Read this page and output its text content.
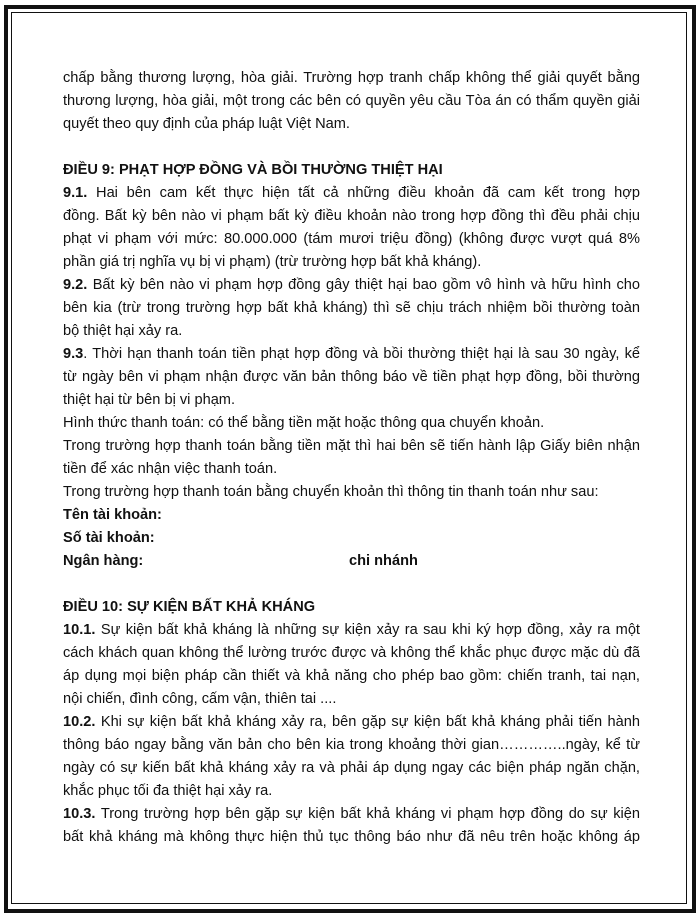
chấp bằng thương lượng, hòa giải. Trường hợp tranh chấp không thể giải quyết bằng
thương lượng, hòa giải, một trong các bên có quyền yêu cầu Tòa án có thẩm quyền giải
quyết theo quy định của pháp luật Việt Nam.
ĐIỀU 9: PHẠT HỢP ĐỒNG VÀ BỒI THƯỜNG THIỆT HẠI
9.1. Hai bên cam kết thực hiện tất cả những điều khoản đã cam kết trong hợp
đồng. Bất kỳ bên nào vi phạm bất kỳ điều khoản nào trong hợp đồng thì đều phải chịu
phạt vi phạm với mức: 80.000.000 (tám mươi triệu đồng) (không được vượt quá 8%
phần giá trị nghĩa vụ bị vi phạm) (trừ trường hợp bất khả kháng).
9.2. Bất kỳ bên nào vi phạm hợp đồng gây thiệt hại bao gồm vô hình và hữu hình cho
bên kia (trừ trong trường hợp bất khả kháng) thì sẽ chịu trách nhiệm bồi thường toàn
bộ thiệt hại xảy ra.
9.3. Thời hạn thanh toán tiền phạt hợp đồng và bồi thường thiệt hại là sau 30 ngày, kể
từ ngày bên vi phạm nhận được văn bản thông báo về tiền phạt hợp đồng, bồi thường
thiệt hại từ bên bị vi phạm.
Hình thức thanh toán: có thể bằng tiền mặt hoặc thông qua chuyển khoản.
Trong trường hợp thanh toán bằng tiền mặt thì hai bên sẽ tiến hành lập Giấy biên nhận
tiền để xác nhận việc thanh toán.
Trong trường hợp thanh toán bằng chuyển khoản thì thông tin thanh toán như sau:
Tên tài khoản:
Số tài khoản:
Ngân hàng:	chi nhánh
ĐIỀU 10: SỰ KIỆN BẤT KHẢ KHÁNG
10.1. Sự kiện bất khả kháng là những sự kiện xảy ra sau khi ký hợp đồng, xảy ra một
cách khách quan không thể lường trước được và không thể khắc phục được mặc dù đã
áp dụng mọi biện pháp cần thiết và khả năng cho phép bao gồm: chiến tranh, tai nạn,
nội chiến, đình công, cấm vận, thiên tai ....
10.2. Khi sự kiện bất khả kháng xảy ra, bên gặp sự kiện bất khả kháng phải tiến hành
thông báo ngay bằng văn bản cho bên kia trong khoảng thời gian…………..ngày, kể từ
ngày có sự kiến bất khả kháng xảy ra và phải áp dụng ngay các biện pháp ngăn chặn,
khắc phục tối đa thiệt hại xảy ra.
10.3. Trong trường hợp bên gặp sự kiện bất khả kháng vi phạm hợp đồng do sự kiện
bất khả kháng mà không thực hiện thủ tục thông báo như đã nêu trên hoặc không áp
